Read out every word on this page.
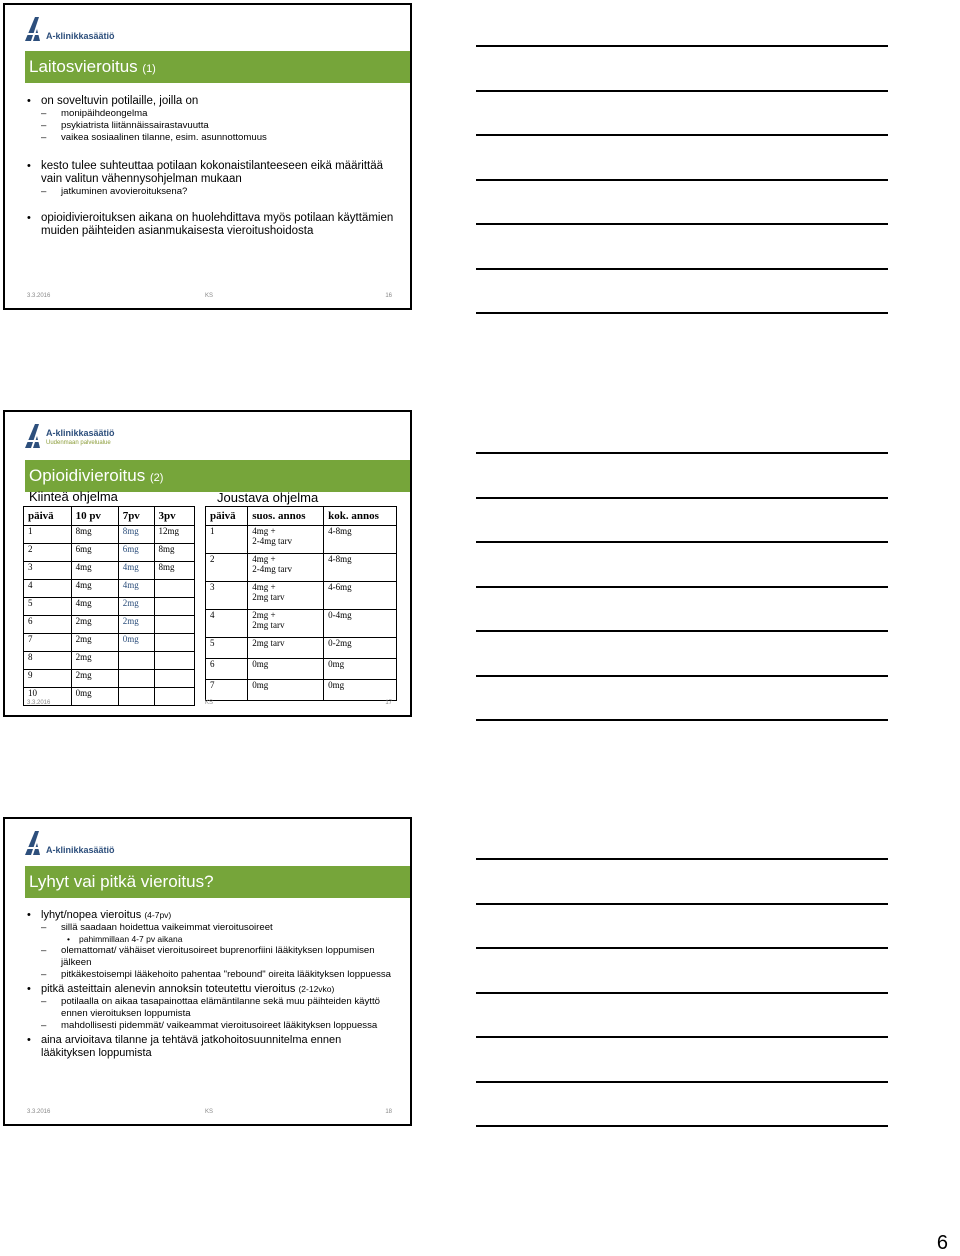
A-klinikkasäätiö
Laitosvieroitus (1)
• on soveltuvin potilaille, joilla on
– monipäihdeongelma
– psykiatrista liitännäissairastavuutta
– vaikea sosiaalinen tilanne, esim. asunnottomuus
• kesto tulee suhteuttaa potilaan kokonaistilanteeseen eikä määrittää vain valitun vähennysohjelman mukaan
– jatkuminen avovieroituksena?
• opioidivieroituksen aikana on huolehdittava myös potilaan käyttämien muiden päihteiden asianmukaisesta vieroitushoidosta
3.3.2016	KS	16
A-klinikkasäätiö
Uudenmaan palvelualue
Opioidivieroitus (2)
Kiinteä ohjelma	Joustava ohjelma
päivä	10 pv	7pv	3pv
1	8mg	8mg	12mg
2	6mg	6mg	8mg
3	4mg	4mg	8mg
4	4mg	4mg	
5	4mg	2mg	
6	2mg	2mg	
7	2mg	0mg	
8	2mg		
9	2mg		
10	0mg		
päivä	suos. annos	kok. annos

1	4mg +
2-4mg tarv	4-8mg

2	4mg +
2-4mg tarv	4-8mg

3	4mg +
2mg tarv	4-6mg

4	2mg +
2mg tarv	0-4mg

5	2mg tarv	0-2mg

6	0mg	0mg

7	0mg	0mg
3.3.2016	KS	17
A-klinikkasäätiö
Lyhyt vai pitkä vieroitus?
• lyhyt/nopea vieroitus (4-7pv)
– sillä saadaan hoidettua vaikeimmat vieroitusoireet
• pahimmillaan 4-7 pv aikana
– olemattomat/ vähäiset vieroitusoireet buprenorfiini lääkityksen loppumisen jälkeen
– pitkäkestoisempi lääkehoito pahentaa "rebound" oireita lääkityksen loppuessa
• pitkä asteittain alenevin annoksin toteutettu vieroitus (2-12vko)
– potilaalla on aikaa tasapainottaa elämäntilanne sekä muu päihteiden käyttö ennen vieroituksen loppumista
– mahdollisesti pidemmät/ vaikeammat vieroitusoireet lääkityksen loppuessa
• aina arvioitava tilanne ja tehtävä jatkohoitosuunnitelma ennen lääkityksen loppumista
3.3.2016	KS	18
6
